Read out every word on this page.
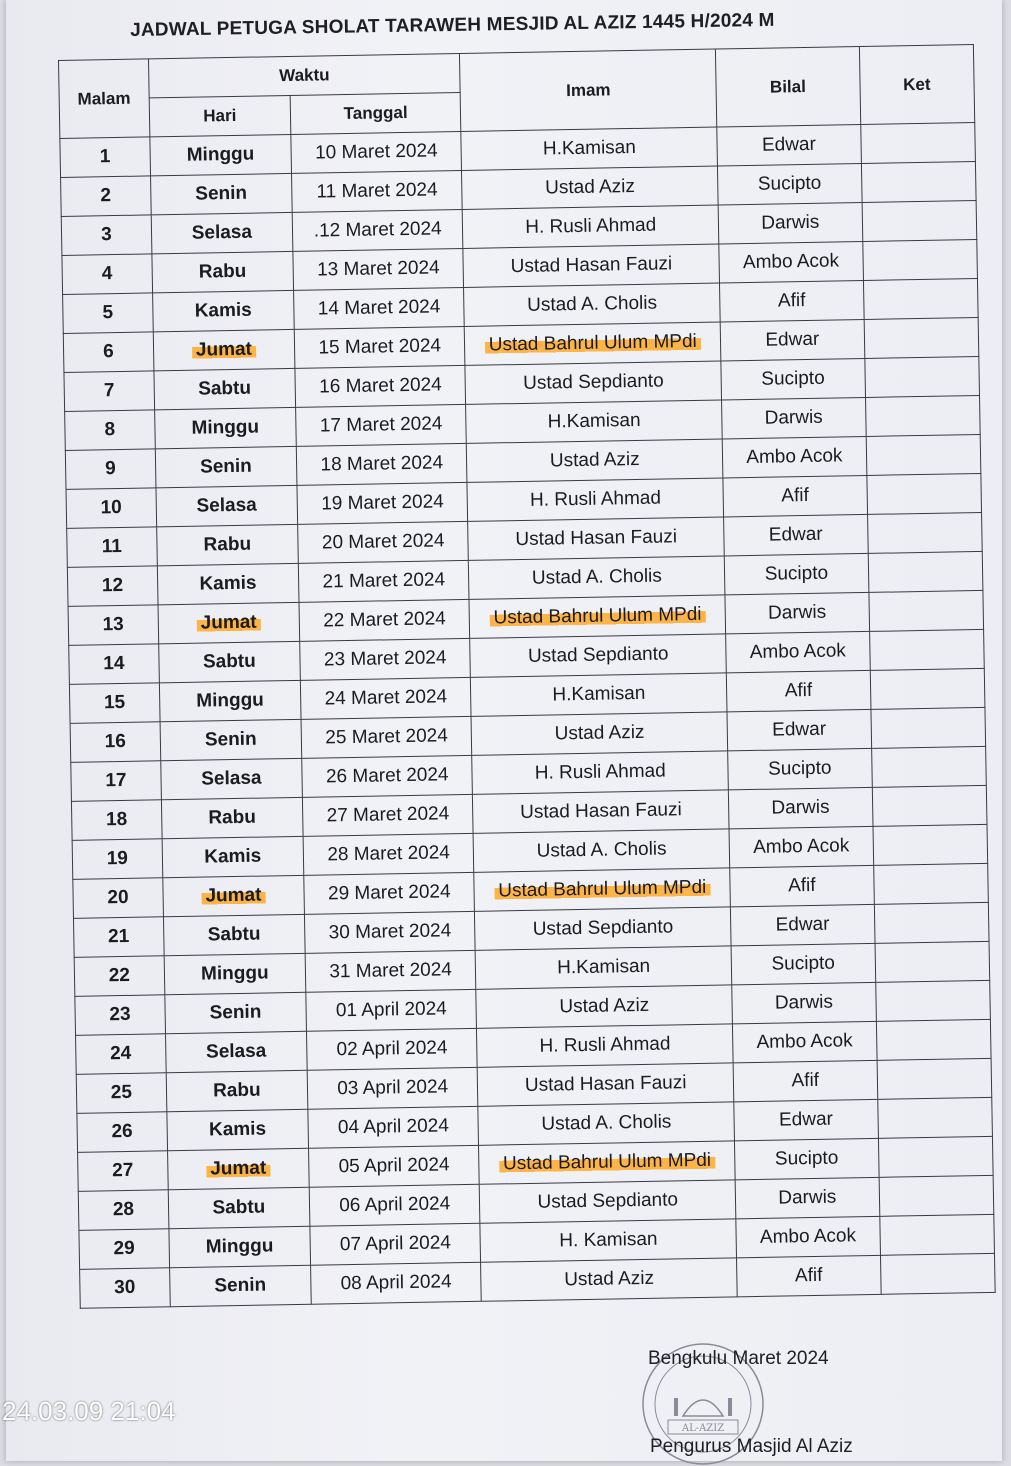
JADWAL PETUGA SHOLAT TARAWEH MESJID AL AZIZ 1445 H/2024 M
Malam	Waktu		Imam	Bilal	Ket
	Hari	Tanggal			
1	Minggu	10 Maret 2024	H.Kamisan	Edwar	
2	Senin	11 Maret 2024	Ustad Aziz	Sucipto	
3	Selasa	.12 Maret 2024	H. Rusli Ahmad	Darwis	
4	Rabu	13 Maret 2024	Ustad Hasan Fauzi	Ambo Acok	
5	Kamis	14 Maret 2024	Ustad A. Cholis	Afif	
6	Jumat	15 Maret 2024	Ustad Bahrul Ulum MPdi	Edwar	
7	Sabtu	16 Maret 2024	Ustad Sepdianto	Sucipto	
8	Minggu	17 Maret 2024	H.Kamisan	Darwis	
9	Senin	18 Maret 2024	Ustad Aziz	Ambo Acok	
10	Selasa	19 Maret 2024	H. Rusli Ahmad	Afif	
11	Rabu	20 Maret 2024	Ustad Hasan Fauzi	Edwar	
12	Kamis	21 Maret 2024	Ustad A. Cholis	Sucipto	
13	Jumat	22 Maret 2024	Ustad Bahrul Ulum MPdi	Darwis	
14	Sabtu	23 Maret 2024	Ustad Sepdianto	Ambo Acok	
15	Minggu	24 Maret 2024	H.Kamisan	Afif	
16	Senin	25 Maret 2024	Ustad Aziz	Edwar	
17	Selasa	26 Maret 2024	H. Rusli Ahmad	Sucipto	
18	Rabu	27 Maret 2024	Ustad Hasan Fauzi	Darwis	
19	Kamis	28 Maret 2024	Ustad A. Cholis	Ambo Acok	
20	Jumat	29 Maret 2024	Ustad Bahrul Ulum MPdi	Afif	
21	Sabtu	30 Maret 2024	Ustad Sepdianto	Edwar	
22	Minggu	31 Maret 2024	H.Kamisan	Sucipto	
23	Senin	01 April 2024	Ustad Aziz	Darwis	
24	Selasa	02 April 2024	H. Rusli Ahmad	Ambo Acok	
25	Rabu	03 April 2024	Ustad Hasan Fauzi	Afif	
26	Kamis	04 April 2024	Ustad A. Cholis	Edwar	
27	Jumat	05 April 2024	Ustad Bahrul Ulum MPdi	Sucipto	
28	Sabtu	06 April 2024	Ustad Sepdianto	Darwis	
29	Minggu	07 April 2024	H. Kamisan	Ambo Acok	
30	Senin	08 April 2024	Ustad Aziz	Afif	
AL-AZIZ
Bengkulu Maret 2024
Pengurus Masjid Al Aziz
24.03.09 21:04
